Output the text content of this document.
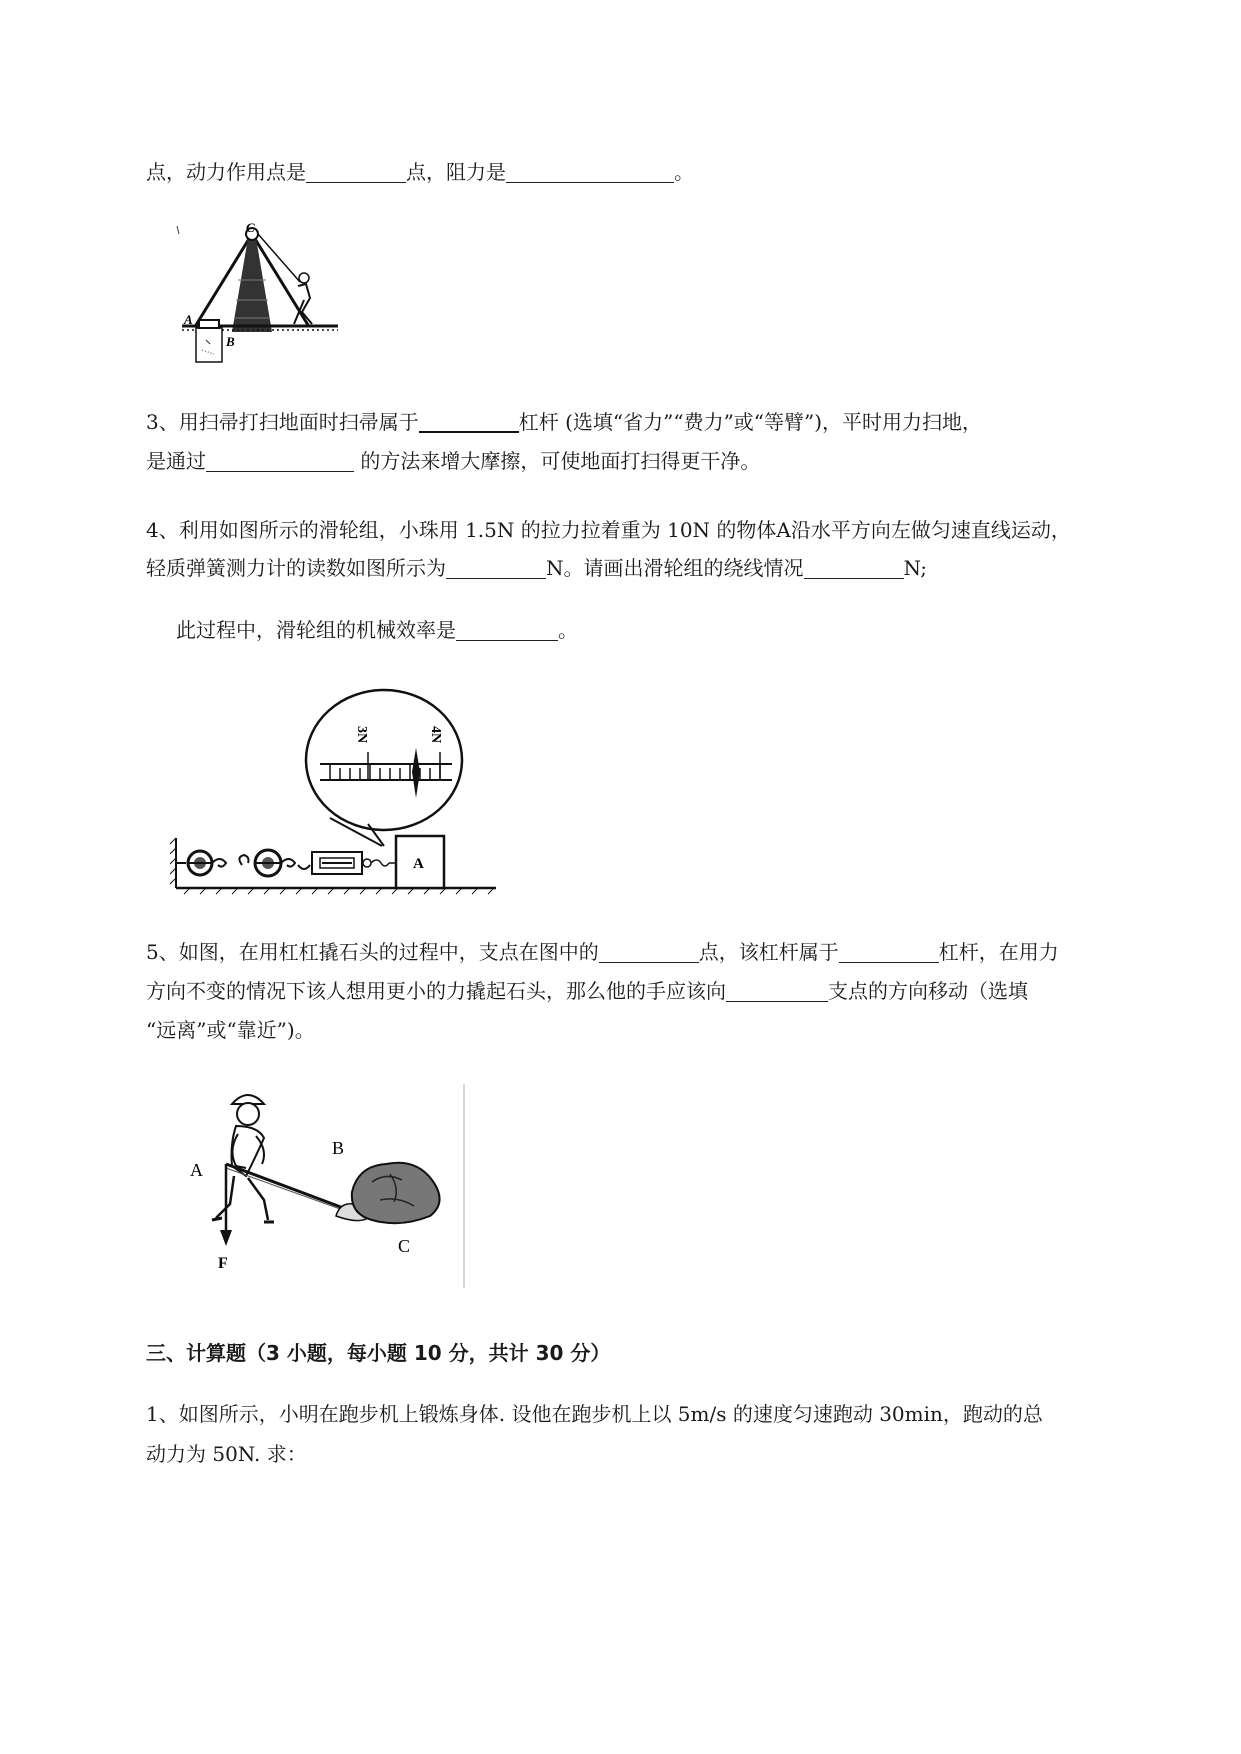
点，动力作用点是	点，阻力是	。
C
A
B
3、用扫帚打扫地面时扫帚属于	杠杆 (选填“省力”“费力”或“等臂”)，平时用力扫地，
是通过	的方法来增大摩擦，可使地面打扫得更干净。
4、利用如图所示的滑轮组，小珠用 1.5N 的拉力拉着重为 10N 的物体A沿水平方向左做匀速直线运动，
轻质弹簧测力计的读数如图所示为	N。请画出滑轮组的绕线情况	N;
此过程中，滑轮组的机械效率是	。
3N	4N
A
5、如图，在用杠杠撬石头的过程中，支点在图中的	点，该杠杆属于	杠杆，在用力
方向不变的情况下该人想用更小的力撬起石头，那么他的手应该向	支点的方向移动（选填
“远离”或“靠近”)。
A
B
C
F
三、计算题（3 小题，每小题 10 分，共计 30 分）
1、如图所示，小明在跑步机上锻炼身体. 设他在跑步机上以 5m/s 的速度匀速跑动 30min，跑动的总
动力为 50N. 求：
